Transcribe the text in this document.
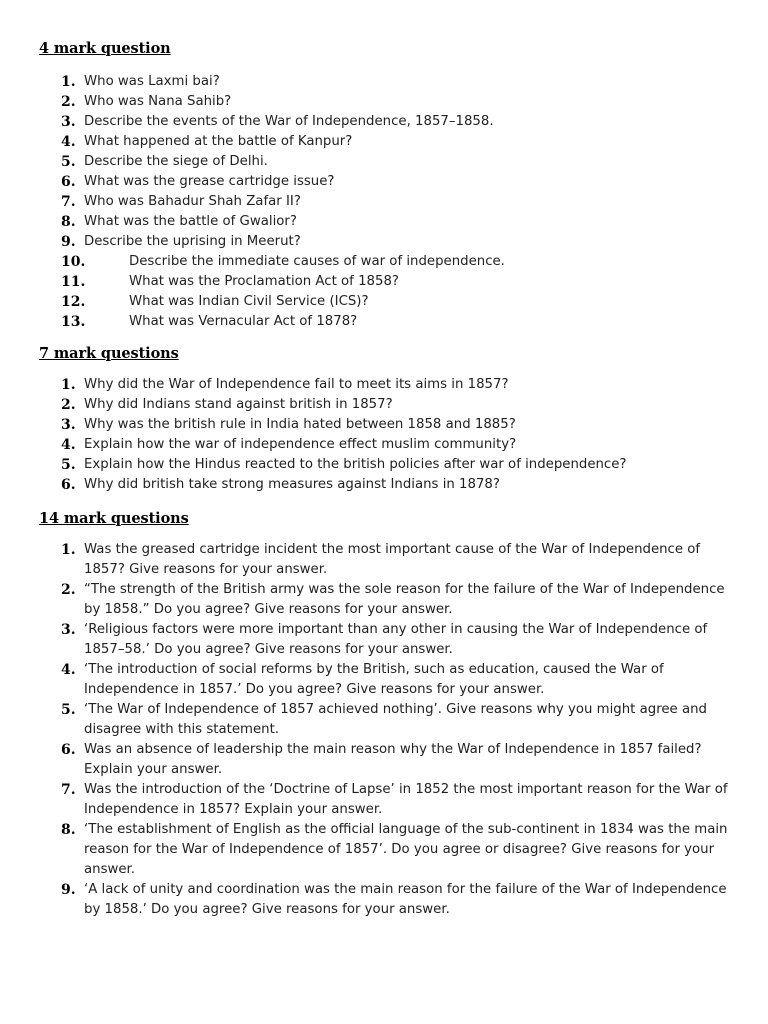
4 mark question
1. Who was Laxmi bai?
2. Who was Nana Sahib?
3. Describe the events of the War of Independence, 1857–1858.
4. What happened at the battle of Kanpur?
5. Describe the siege of Delhi.
6. What was the grease cartridge issue?
7. Who was Bahadur Shah Zafar II?
8. What was the battle of Gwalior?
9. Describe the uprising in Meerut?
10.	Describe the immediate causes of war of independence.
11.	What was the Proclamation Act of 1858?
12.	What was Indian Civil Service (ICS)?
13.	What was Vernacular Act of 1878?
7 mark questions
1. Why did the War of Independence fail to meet its aims in 1857?
2. Why did Indians stand against british in 1857?
3. Why was the british rule in India hated between 1858 and 1885?
4. Explain how the war of independence effect muslim community?
5. Explain how the Hindus reacted to the british policies after war of independence?
6. Why did british take strong measures against Indians in 1878?
14 mark questions
1. Was the greased cartridge incident the most important cause of the War of Independence of 1857? Give reasons for your answer.
2. “The strength of the British army was the sole reason for the failure of the War of Independence by 1858.” Do you agree? Give reasons for your answer.
3. ‘Religious factors were more important than any other in causing the War of Independence of 1857–58.’ Do you agree? Give reasons for your answer.
4. ‘The introduction of social reforms by the British, such as education, caused the War of Independence in 1857.’ Do you agree? Give reasons for your answer.
5. ‘The War of Independence of 1857 achieved nothing’. Give reasons why you might agree and disagree with this statement.
6. Was an absence of leadership the main reason why the War of Independence in 1857 failed? Explain your answer.
7. Was the introduction of the ‘Doctrine of Lapse’ in 1852 the most important reason for the War of Independence in 1857? Explain your answer.
8. ‘The establishment of English as the official language of the sub-continent in 1834 was the main reason for the War of Independence of 1857’. Do you agree or disagree? Give reasons for your answer.
9. ‘A lack of unity and coordination was the main reason for the failure of the War of Independence by 1858.’ Do you agree? Give reasons for your answer.
